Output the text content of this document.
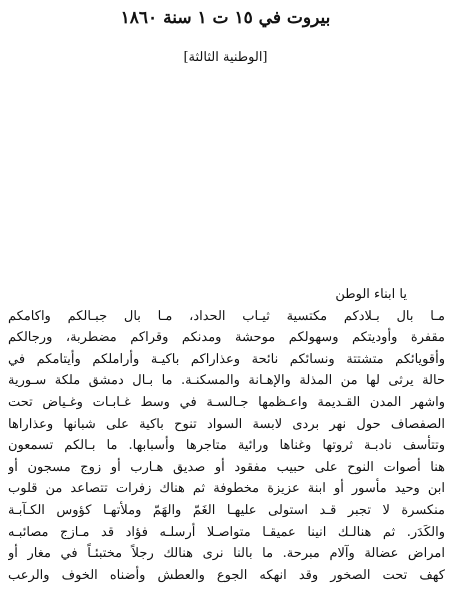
بيروت في ١٥ ت ١ سنة ١٨٦٠
[الوطنية الثالثة]
يا ابناء الوطن
مـا بال بـلادكم مكتسية ثيـاب الحداد، مـا بال جبـالكم واكامكم
مقفرة وأوديتكم وسهولكم موحشة ومدنكم وقراكم مضطربة، ورجالكم
وأقويائكم متشتتة ونسائكم نائحة وعذاراكم باكيـة وأراملكم وأيتامكم في
حالة يرثى لها من المذلة والإهـانة والمسكنـة. ما بـال دمشق ملكة سـورية
واشهر المدن القـديمة واعـظمها جـالسـة في وسط غـابـات وغـياض تحت
الصفصاف حول نهر بردى لابسة السواد تنوح باكية على شبانها وعذاراها
وتتأسف نادبـة ثروتها وغناها ورائية متاجرها وأسبابها. ما بـالكم تسمعون
هنا أصوات النوح على حبيب مفقود أو صديق هـارب أو زوج مسجون أو
ابن وحيد مأسور أو ابنة عزيزة مخطوفة ثم هناك زفرات تتصاعد من قلوب
منكسرة لا تجبر قـد استولى عليهـا الغَمّ والهَمّ وملأتهـا كؤوس الكـآبـة
والكَدَر. ثم هنالـك انينا عميقـا متواصـلا أرسلـه فؤاد قد مـازج مصائبـه
امراض عضالة وآلام مبرحة. ما بالنا نرى هنالك رجلاً مختبئـاً في مغار أو
كهف تحت الصخور وقد انهكه الجوع والعطش وأضناه الخوف والرعب
